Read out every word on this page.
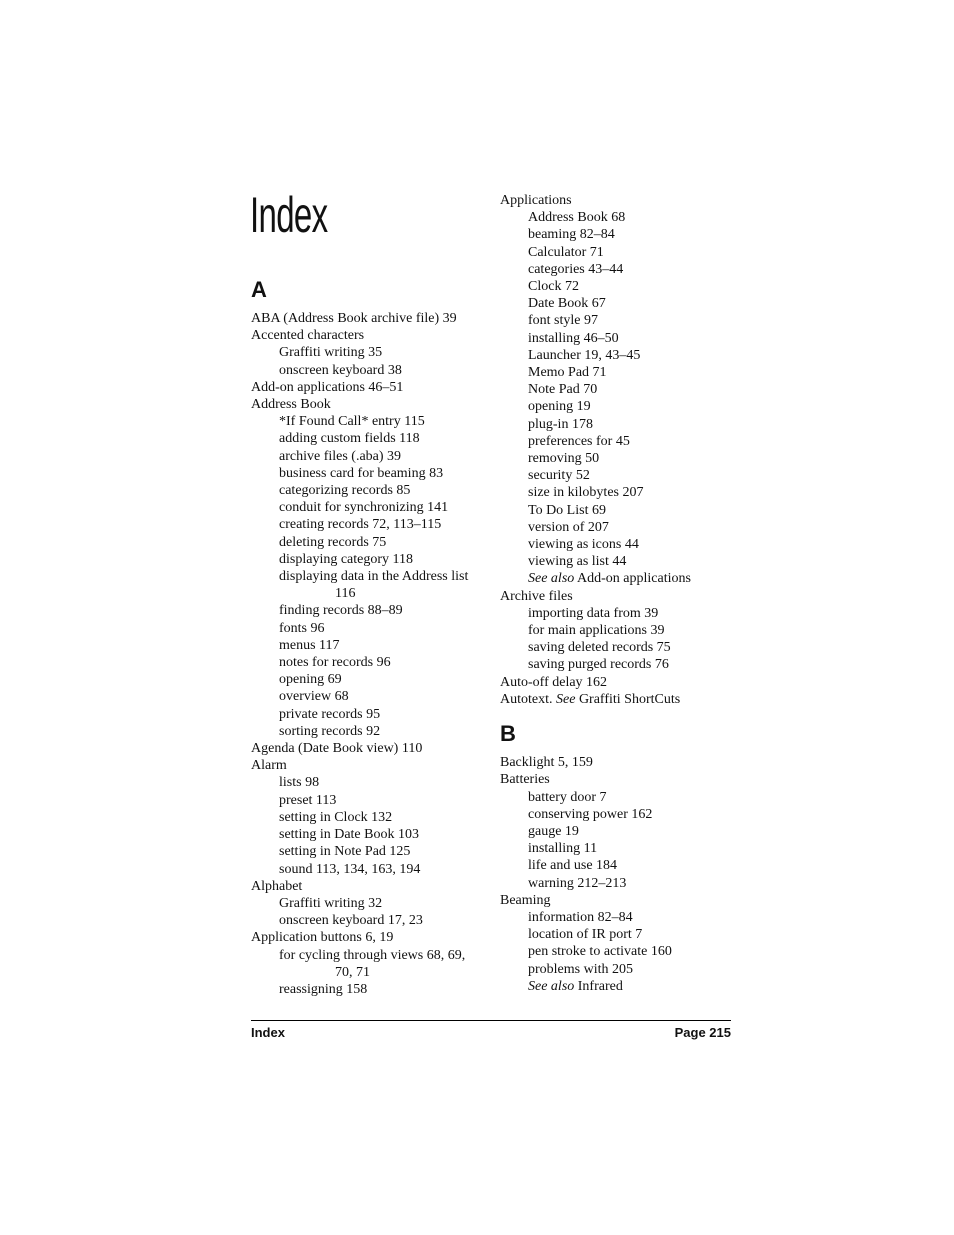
Index
A
ABA (Address Book archive file) 39
Accented characters
Graffiti writing 35
onscreen keyboard 38
Add-on applications 46–51
Address Book
*If Found Call* entry 115
adding custom fields 118
archive files (.aba) 39
business card for beaming 83
categorizing records 85
conduit for synchronizing 141
creating records 72, 113–115
deleting records 75
displaying category 118
displaying data in the Address list 116
finding records 88–89
fonts 96
menus 117
notes for records 96
opening 69
overview 68
private records 95
sorting records 92
Agenda (Date Book view) 110
Alarm
lists 98
preset 113
setting in Clock 132
setting in Date Book 103
setting in Note Pad 125
sound 113, 134, 163, 194
Alphabet
Graffiti writing 32
onscreen keyboard 17, 23
Application buttons 6, 19
for cycling through views 68, 69, 70, 71
reassigning 158
Applications
Address Book 68
beaming 82–84
Calculator 71
categories 43–44
Clock 72
Date Book 67
font style 97
installing 46–50
Launcher 19, 43–45
Memo Pad 71
Note Pad 70
opening 19
plug-in 178
preferences for 45
removing 50
security 52
size in kilobytes 207
To Do List 69
version of 207
viewing as icons 44
viewing as list 44
See also Add-on applications
Archive files
importing data from 39
for main applications 39
saving deleted records 75
saving purged records 76
Auto-off delay 162
Autotext. See Graffiti ShortCuts
B
Backlight 5, 159
Batteries
battery door 7
conserving power 162
gauge 19
installing 11
life and use 184
warning 212–213
Beaming
information 82–84
location of IR port 7
pen stroke to activate 160
problems with 205
See also Infrared
Index	Page 215
